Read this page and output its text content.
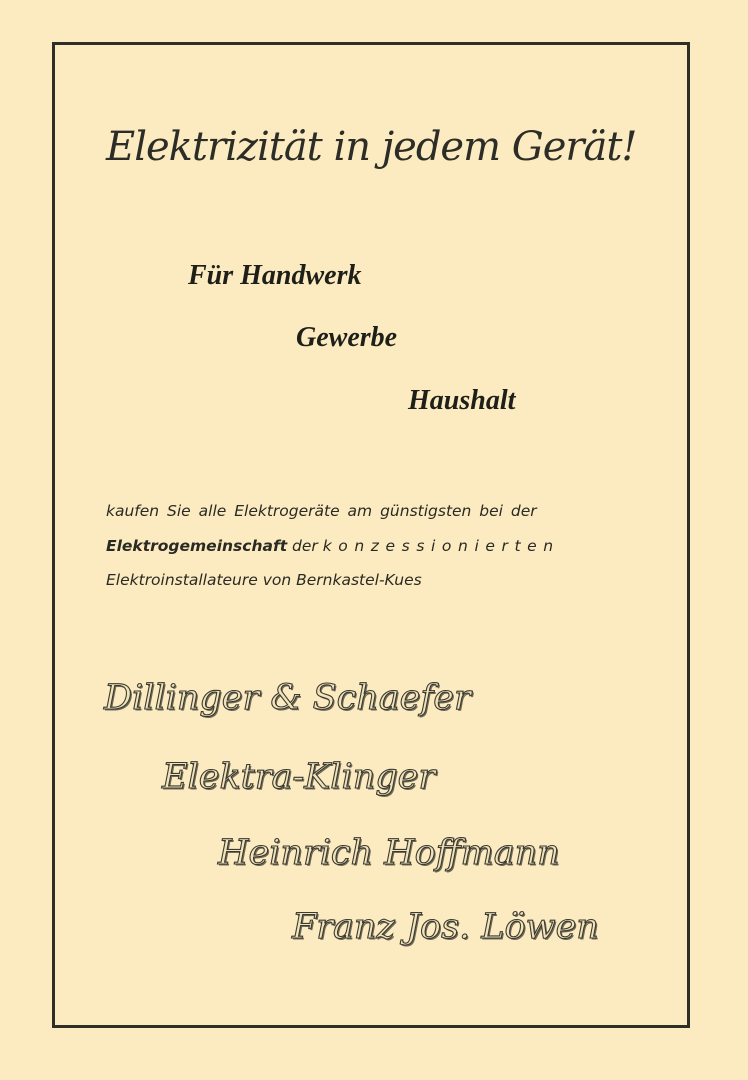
Elektrizität in jedem Gerät!
Für Handwerk
Gewerbe
Haushalt
kaufen Sie alle Elektrogeräte am günstigsten bei der
Elektrogemeinschaft der konzessionierten
Elektroinstallateure von Bernkastel-Kues
Dillinger & Schaefer
Elektra-Klinger
Heinrich Hoffmann
Franz Jos. Löwen
